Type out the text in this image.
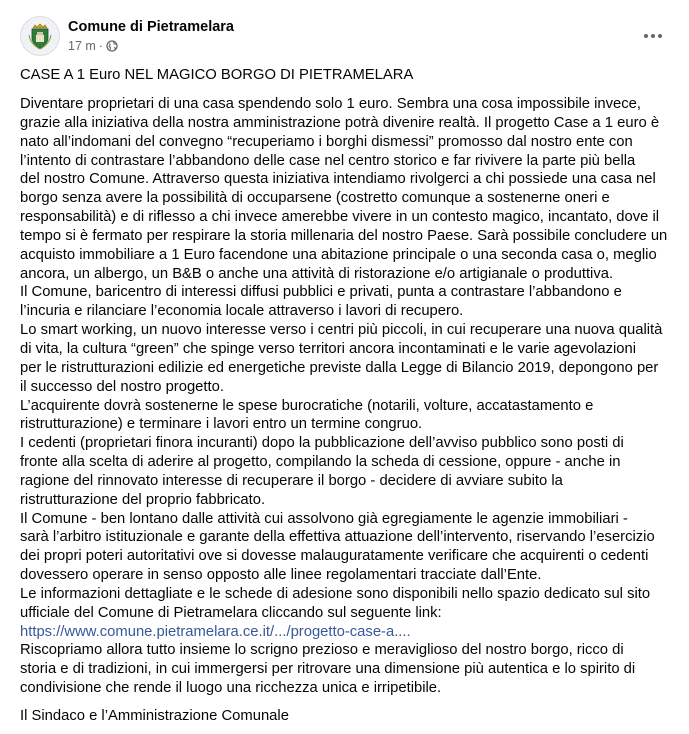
Comune di Pietramelara
17 m ·

CASE A 1 Euro NEL MAGICO BORGO DI PIETRAMELARA

Diventare proprietari di una casa spendendo solo 1 euro. Sembra una cosa impossibile invece,
grazie alla iniziativa della nostra amministrazione potrà divenire realtà. Il progetto Case a 1 euro è
nato all’indomani del convegno “recuperiamo i borghi dismessi” promosso dal nostro ente con
l’intento di contrastare l’abbandono delle case nel centro storico e far rivivere la parte più bella
del nostro Comune. Attraverso questa iniziativa intendiamo rivolgerci a chi possiede una casa nel
borgo senza avere la possibilità di occuparsene (costretto comunque a sostenerne oneri e
responsabilità) e di riflesso a chi invece amerebbe vivere in un contesto magico, incantato, dove il
tempo si è fermato per respirare la storia millenaria del nostro Paese. Sarà possibile concludere un
acquisto immobiliare a 1 Euro facendone una abitazione principale o una seconda casa o, meglio
ancora, un albergo, un B&B o anche una attività di ristorazione e/o artigianale o produttiva.

Il Comune, baricentro di interessi diffusi pubblici e privati, punta a contrastare l’abbandono e
l’incuria e rilanciare l’economia locale attraverso i lavori di recupero.

Lo smart working, un nuovo interesse verso i centri più piccoli, in cui recuperare una nuova qualità
di vita, la cultura “green” che spinge verso territori ancora incontaminati e le varie agevolazioni
per le ristrutturazioni edilizie ed energetiche previste dalla Legge di Bilancio 2019, depongono per
il successo del nostro progetto.

L’acquirente dovrà sostenerne le spese burocratiche (notarili, volture, accatastamento e
ristrutturazione) e terminare i lavori entro un termine congruo.

I cedenti (proprietari finora incuranti) dopo la pubblicazione dell’avviso pubblico sono posti di
fronte alla scelta di aderire al progetto, compilando la scheda di cessione, oppure - anche in
ragione del rinnovato interesse di recuperare il borgo - decidere di avviare subito la
ristrutturazione del proprio fabbricato.

Il Comune - ben lontano dalle attività cui assolvono già egregiamente le agenzie immobiliari -
sarà l’arbitro istituzionale e garante della effettiva attuazione dell’intervento, riservando l’esercizio
dei propri poteri autoritativi ove si dovesse malauguratamente verificare che acquirenti o cedenti
dovessero operare in senso opposto alle linee regolamentari tracciate dall’Ente.

Le informazioni dettagliate e le schede di adesione sono disponibili nello spazio dedicato sul sito
ufficiale del Comune di Pietramelara cliccando sul seguente link:

https://www.comune.pietramelara.ce.it/.../progetto-case-a....

Riscopriamo allora tutto insieme lo scrigno prezioso e meraviglioso del nostro borgo, ricco di
storia e di tradizioni, in cui immergersi per ritrovare una dimensione più autentica e lo spirito di
condivisione che rende il luogo una ricchezza unica e irripetibile.

Il Sindaco e l’Amministrazione Comunale
